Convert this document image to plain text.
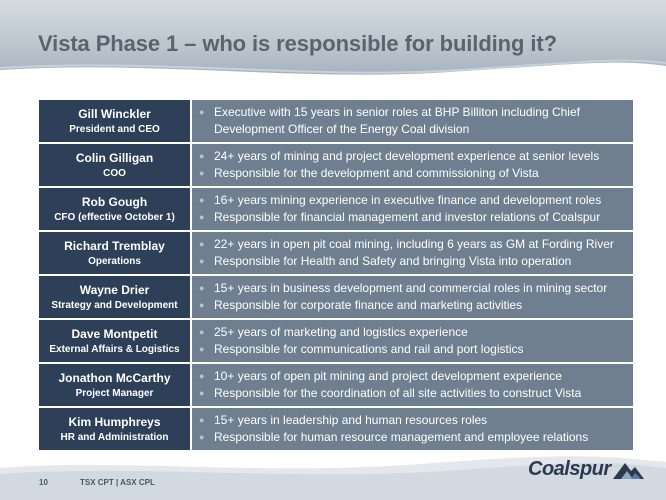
Vista Phase 1 – who is responsible for building it?
Gill Winckler
President and CEO
● Executive with 15 years in senior roles at BHP Billiton including Chief
Development Officer of the Energy Coal division
Colin Gilligan
COO
● 24+ years of mining and project development experience at senior levels
● Responsible for the development and commissioning of Vista
Rob Gough
CFO (effective October 1)
● 16+ years mining experience in executive finance and development roles
● Responsible for financial management and investor relations of Coalspur
Richard Tremblay
Operations
● 22+ years in open pit coal mining, including 6 years as GM at Fording River
● Responsible for Health and Safety and bringing Vista into operation
Wayne Drier
Strategy and Development
● 15+ years in business development and commercial roles in mining sector
● Responsible for corporate finance and marketing activities
Dave Montpetit
External Affairs & Logistics
● 25+ years of marketing and logistics experience
● Responsible for communications and rail and port logistics
Jonathon McCarthy
Project Manager
● 10+ years of open pit mining and project development experience
● Responsible for the coordination of all site activities to construct Vista
Kim Humphreys
HR and Administration
● 15+ years in leadership and human resources roles
● Responsible for human resource management and employee relations
10	TSX CPT | ASX CPL
Coalspur
